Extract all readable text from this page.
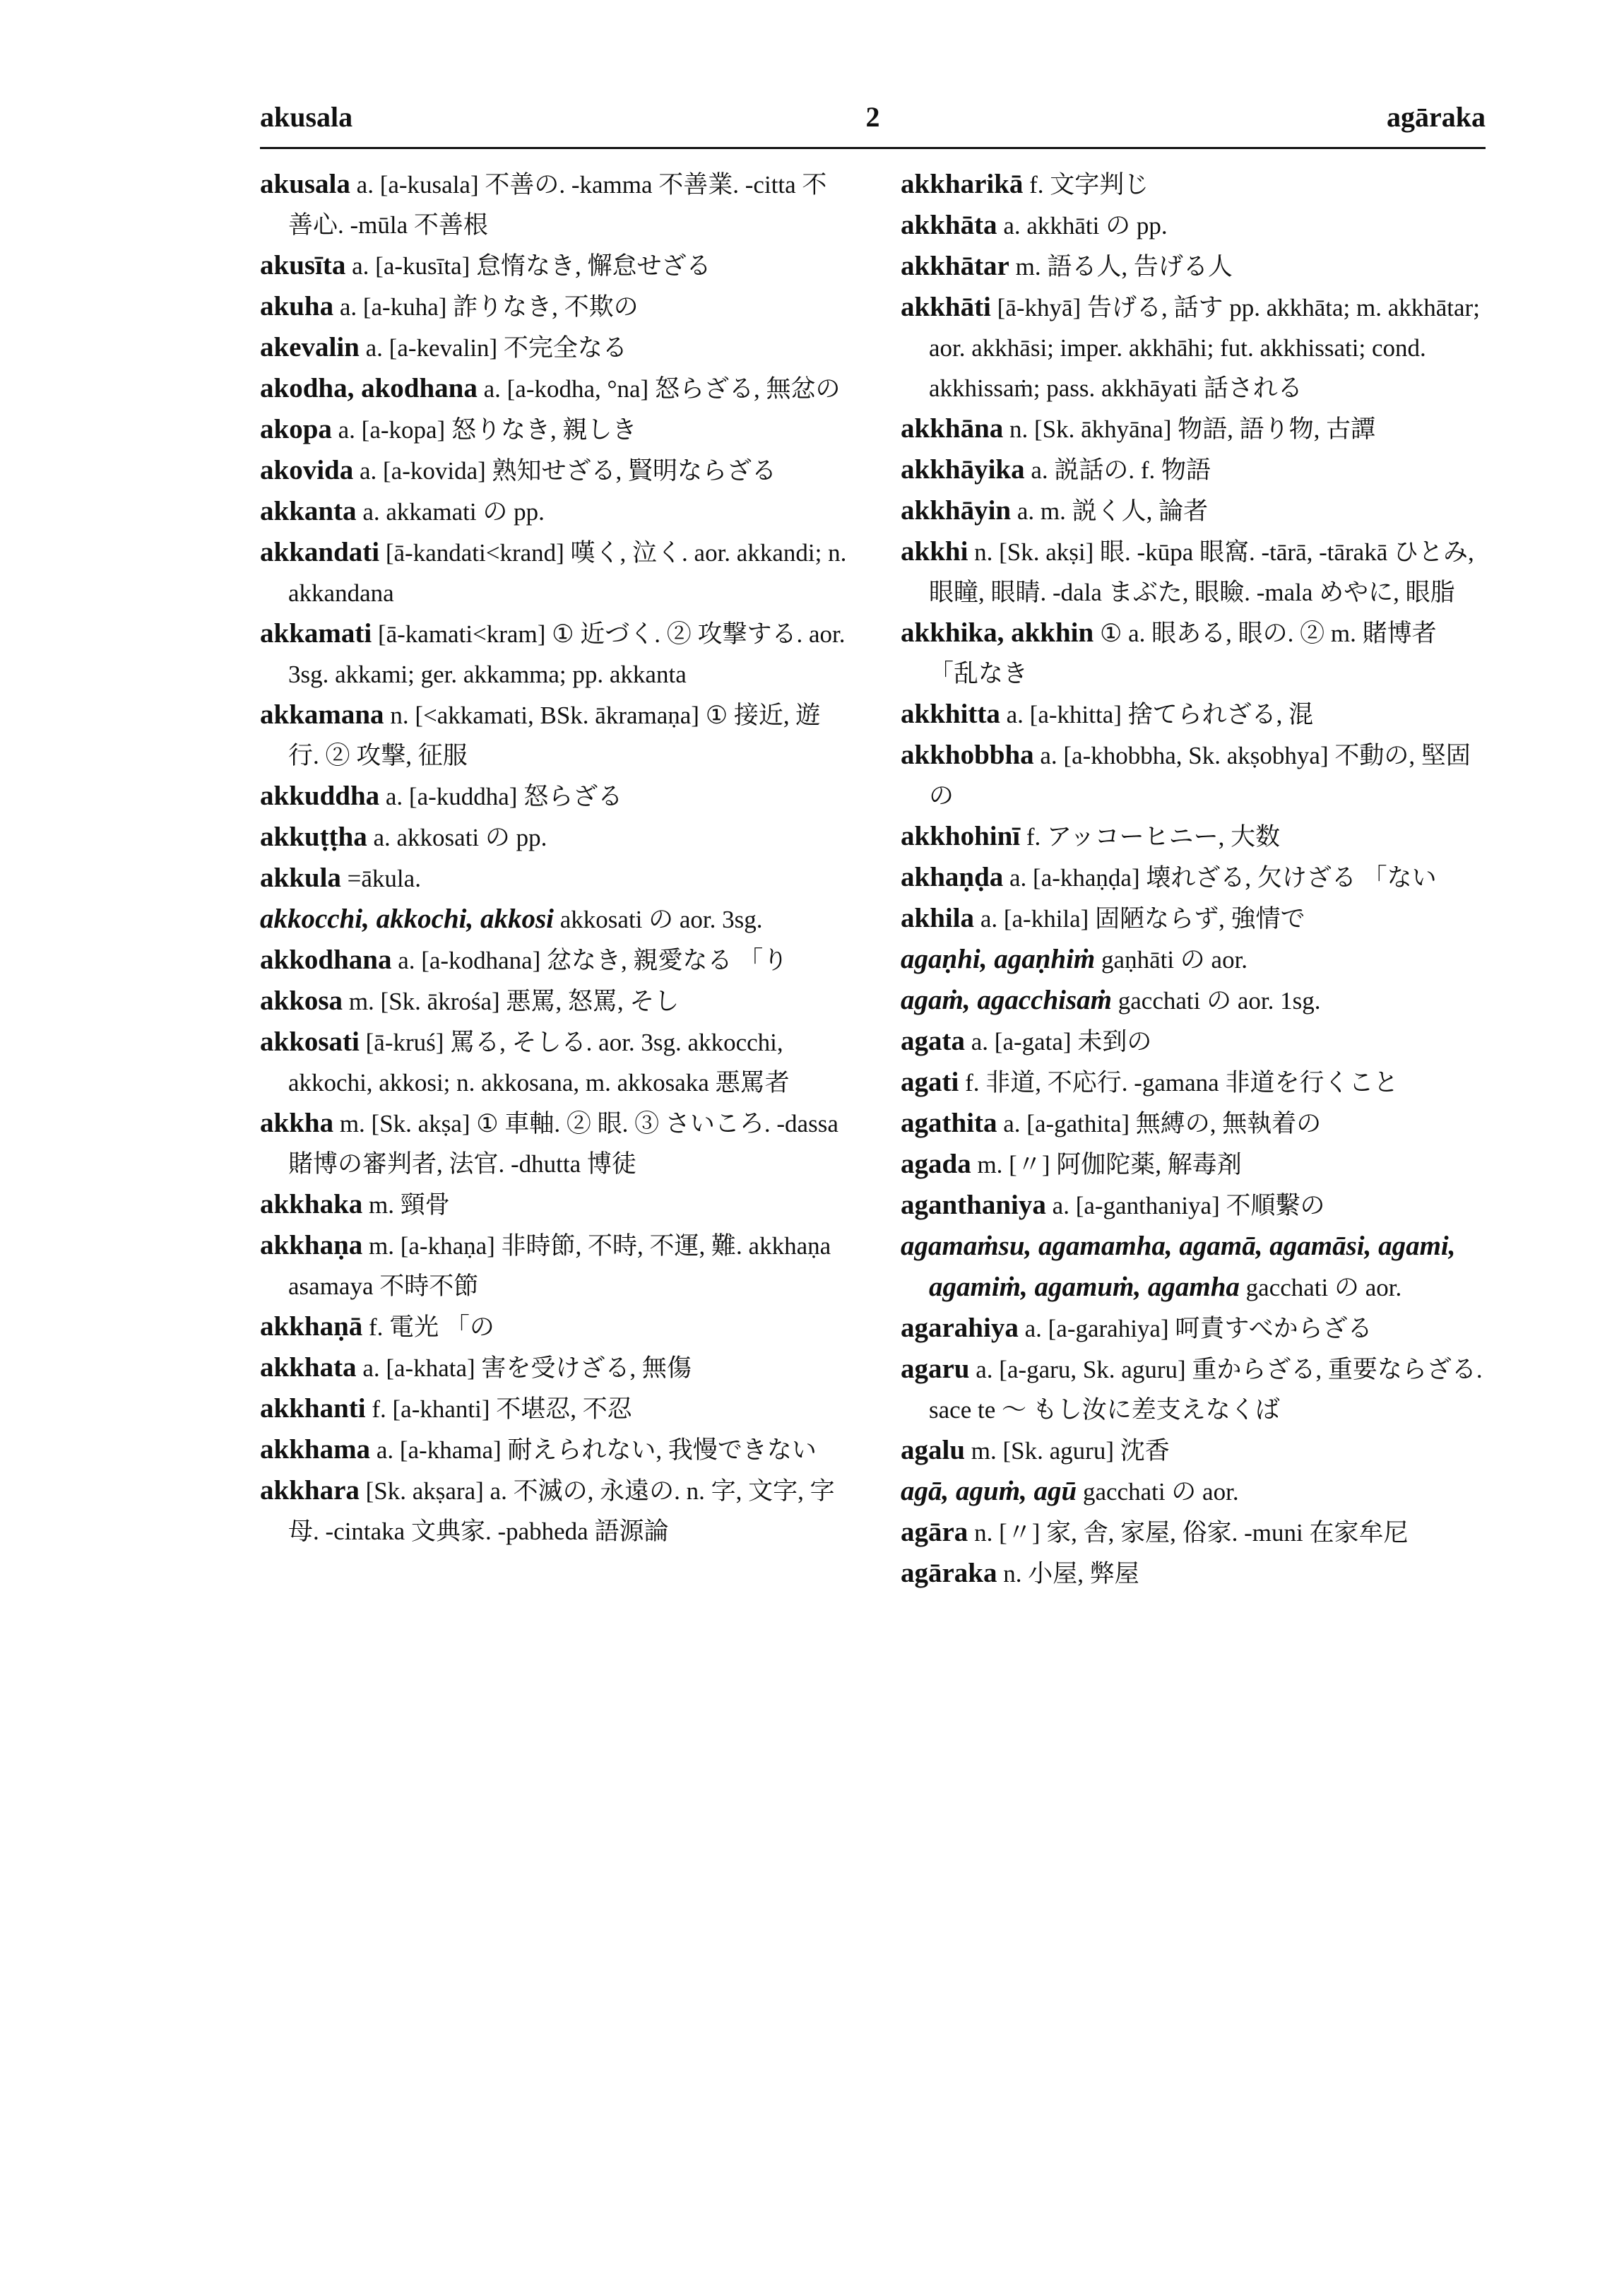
akusala	2	agāraka

akusala a. [a-kusala] 不善の. -kamma 不善業. -citta 不善心. -mūla 不善根

akusīta a. [a-kusīta] 怠惰なき, 懈怠せざる

akuha a. [a-kuha] 詐りなき, 不欺の

akevalin a. [a-kevalin] 不完全なる

akodha, akodhana a. [a-kodha, °na] 怒らざる, 無忿の

akopa a. [a-kopa] 怒りなき, 親しき

akovida a. [a-kovida] 熟知せざる, 賢明ならざる

akkanta a. akkamati の pp.

akkandati [ā-kandati<krand] 嘆く, 泣く. aor. akkandi; n. akkandana

akkamati [ā-kamati<kram] ① 近づく. ② 攻撃する. aor. 3sg. akkami; ger. akkamma; pp. akkanta

akkamana n. [<akkamati, BSk. ākramaṇa] ① 接近, 遊行. ② 攻撃, 征服

akkuddha a. [a-kuddha] 怒らざる

akkuṭṭha a. akkosati の pp.

akkula =ākula.

akkocchi, akkochi, akkosi akkosati の aor. 3sg.

akkodhana a. [a-kodhana] 忿なき, 親愛なる 「り

akkosa m. [Sk. ākrośa] 悪罵, 怒罵, そし

akkosati [ā-kruś] 罵る, そしる. aor. 3sg. akkocchi, akkochi, akkosi; n. akkosana, m. akkosaka 悪罵者

akkha m. [Sk. akṣa] ① 車軸. ② 眼. ③ さいころ. -dassa 賭博の審判者, 法官. -dhutta 博徒

akkhaka m. 頸骨

akkhaṇa m. [a-khaṇa] 非時節, 不時, 不運, 難. akkhaṇa asamaya 不時不節

akkhaṇā f. 電光 「の

akkhata a. [a-khata] 害を受けざる, 無傷

akkhanti f. [a-khanti] 不堪忍, 不忍

akkhama a. [a-khama] 耐えられない, 我慢できない

akkhara [Sk. akṣara] a. 不滅の, 永遠の. n. 字, 文字, 字母. -cintaka 文典家. -pabheda 語源論

akkharikā f. 文字判じ

akkhāta a. akkhāti の pp.

akkhātar m. 語る人, 告げる人

akkhāti [ā-khyā] 告げる, 話す pp. akkhāta; m. akkhātar; aor. akkhāsi; imper. akkhāhi; fut. akkhissati; cond. akkhissaṁ; pass. akkhāyati 話される

akkhāna n. [Sk. ākhyāna] 物語, 語り物, 古譚

akkhāyika a. 説話の. f. 物語

akkhāyin a. m. 説く人, 論者

akkhi n. [Sk. akṣi] 眼. -kūpa 眼窩. -tārā, -tārakā ひとみ, 眼瞳, 眼睛. -dala まぶた, 眼瞼. -mala めやに, 眼脂

akkhika, akkhin ① a. 眼ある, 眼の. ② m. 賭博者 「乱なき

akkhitta a. [a-khitta] 捨てられざる, 混

akkhobbha a. [a-khobbha, Sk. akṣobhya] 不動の, 堅固の

akkhohinī f. アッコーヒニー, 大数

akhaṇḍa a. [a-khaṇḍa] 壊れざる, 欠けざる 「ない

akhila a. [a-khila] 固陋ならず, 強情で

agaṇhi, agaṇhiṁ gaṇhāti の aor.

agaṁ, agacchisaṁ gacchati の aor. 1sg.

agata a. [a-gata] 未到の

agati f. 非道, 不応行. -gamana 非道を行くこと

agathita a. [a-gathita] 無縛の, 無執着の

agada m. [〃] 阿伽陀薬, 解毒剤

aganthaniya a. [a-ganthaniya] 不順繫の

agamaṁsu, agamamha, agamā, agamāsi, agami, agamiṁ, agamuṁ, agamha gacchati の aor.

agarahiya a. [a-garahiya] 呵責すべからざる

agaru a. [a-garu, Sk. aguru] 重からざる, 重要ならざる. sace te ～ もし汝に差支えなくば

agalu m. [Sk. aguru] 沈香

agā, aguṁ, agū gacchati の aor.

agāra n. [〃] 家, 舎, 家屋, 俗家. -muni 在家牟尼

agāraka n. 小屋, 弊屋
